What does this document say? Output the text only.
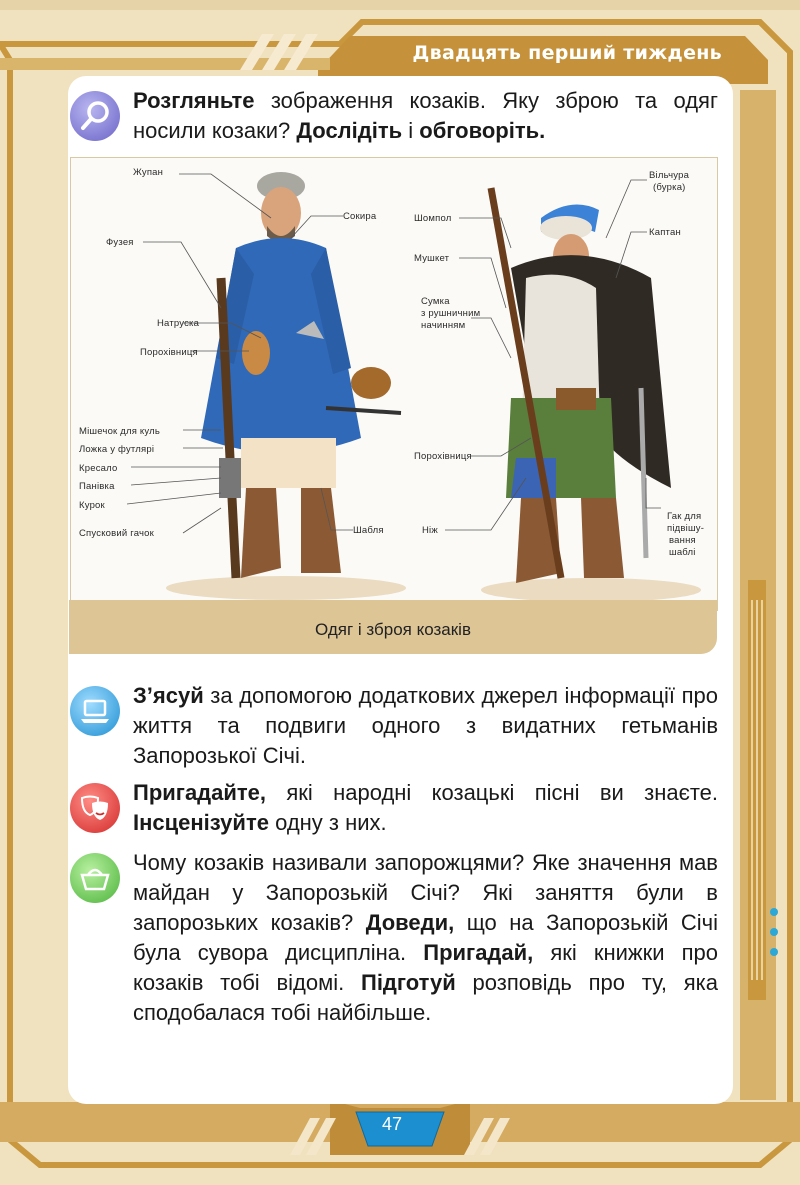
Двадцять перший тиждень
Розгляньте зображення козаків. Яку зброю та одяг носили козаки? Дослідіть і обговоріть.
Жупан
Фузея
Натруска
Порохівниця
Мішечок для куль
Ложка у футлярі
Кресало
Панівка
Курок
Спусковий гачок
Сокира
Шабля
Шомпол
Мушкет
Сумка
з рушничним
начинням
Порохівниця
Ніж
Вільчура
(бурка)
Каптан
Гак для
підвішу-
вання
шаблі
Одяг і зброя козаків
З’ясуй за допомогою додаткових джерел інформації про життя та подвиги одного з видатних гетьманів Запорозької Січі.
Пригадайте, які народні козацькі пісні ви знаєте. Інсценізуйте одну з них.
Чому козаків називали запорожцями? Яке значення мав майдан у Запорозькій Січі? Які заняття були в запорозьких козаків? Доведи, що на Запорозькій Січі була сувора дисципліна. Пригадай, які книжки про козаків тобі відомі. Підготуй розповідь про ту, яка сподобалася тобі найбільше.
47
